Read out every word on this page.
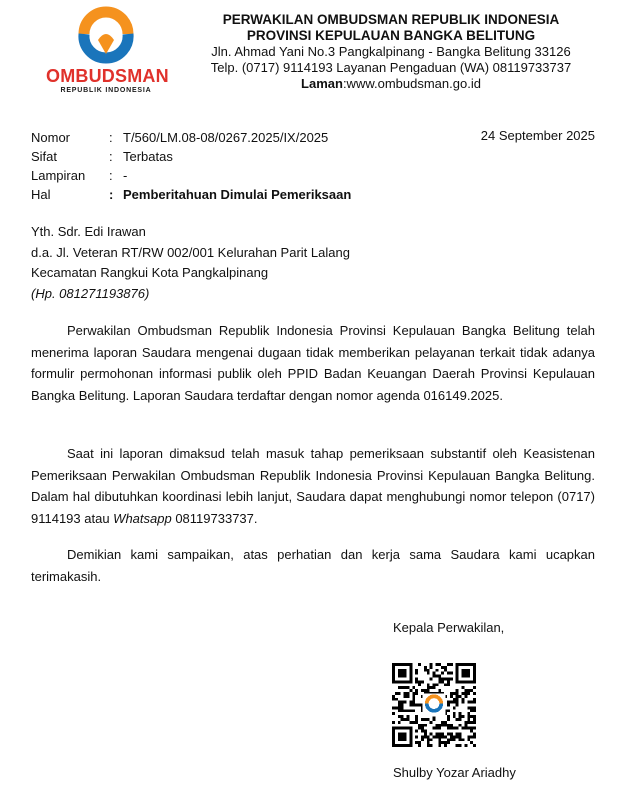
OMBUDSMAN
REPUBLIK INDONESIA
PERWAKILAN OMBUDSMAN REPUBLIK INDONESIA
PROVINSI KEPULAUAN BANGKA BELITUNG
Jln. Ahmad Yani No.3 Pangkalpinang - Bangka Belitung 33126
Telp. (0717) 9114193 Layanan Pengaduan (WA) 08119733737
Laman:www.ombudsman.go.id
Nomor	: T/560/LM.08-08/0267.2025/IX/2025
Sifat	: Terbatas
Lampiran : -
Hal	: Pemberitahuan Dimulai Pemeriksaan
24 September 2025
Yth. Sdr. Edi Irawan
d.a. Jl. Veteran RT/RW 002/001 Kelurahan Parit Lalang
Kecamatan Rangkui Kota Pangkalpinang
(Hp. 081271193876)
Perwakilan Ombudsman Republik Indonesia Provinsi Kepulauan Bangka Belitung telah menerima laporan Saudara mengenai dugaan tidak memberikan pelayanan terkait tidak adanya formulir permohonan informasi publik oleh PPID Badan Keuangan Daerah Provinsi Kepulauan Bangka Belitung. Laporan Saudara terdaftar dengan nomor agenda 016149.2025.
Saat ini laporan dimaksud telah masuk tahap pemeriksaan substantif oleh Keasistenan Pemeriksaan Perwakilan Ombudsman Republik Indonesia Provinsi Kepulauan Bangka Belitung. Dalam hal dibutuhkan koordinasi lebih lanjut, Saudara dapat menghubungi nomor telepon (0717) 9114193 atau Whatsapp 08119733737.
Demikian kami sampaikan, atas perhatian dan kerja sama Saudara kami ucapkan terimakasih.
Kepala Perwakilan,
Shulby Yozar Ariadhy
